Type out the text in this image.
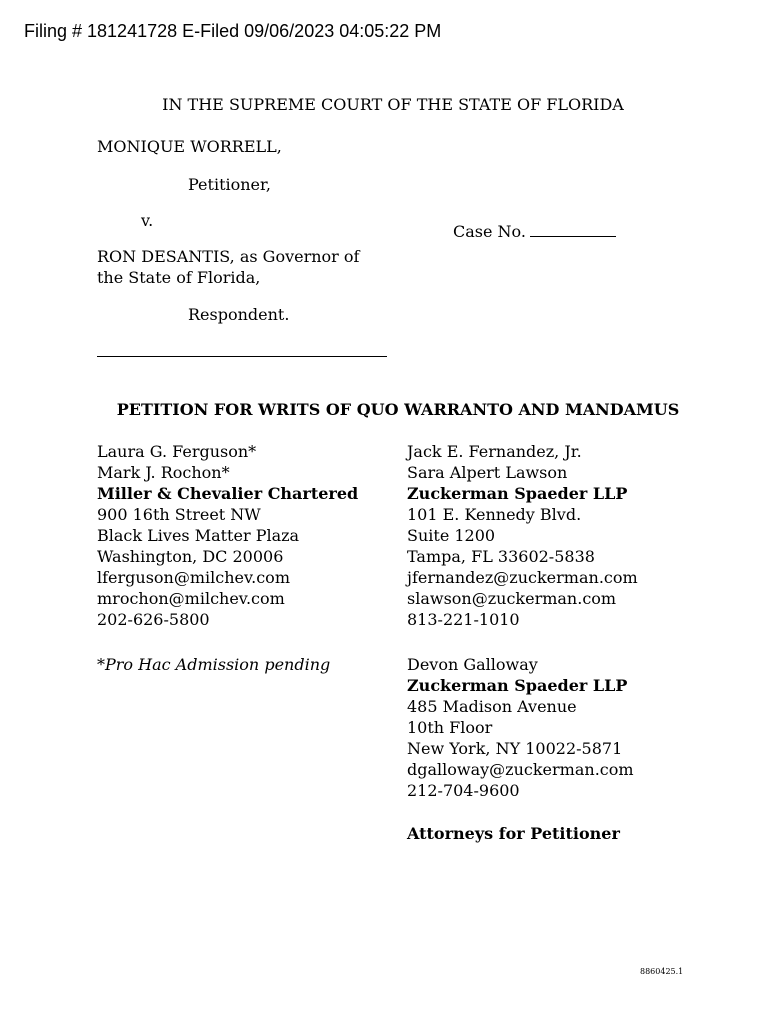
Filing # 181241728 E-Filed 09/06/2023 04:05:22 PM
IN THE SUPREME COURT OF THE STATE OF FLORIDA
MONIQUE WORRELL,
Petitioner,
v.
Case No.
RON DESANTIS, as Governor of
the State of Florida,
Respondent.
PETITION FOR WRITS OF QUO WARRANTO AND MANDAMUS
Laura G. Ferguson*
Mark J. Rochon*
Miller & Chevalier Chartered
900 16th Street NW
Black Lives Matter Plaza
Washington, DC 20006
lferguson@milchev.com
mrochon@milchev.com
202-626-5800
*Pro Hac Admission pending
Jack E. Fernandez, Jr.
Sara Alpert Lawson
Zuckerman Spaeder LLP
101 E. Kennedy Blvd.
Suite 1200
Tampa, FL 33602-5838
jfernandez@zuckerman.com
slawson@zuckerman.com
813-221-1010
Devon Galloway
Zuckerman Spaeder LLP
485 Madison Avenue
10th Floor
New York, NY 10022-5871
dgalloway@zuckerman.com
212-704-9600
Attorneys for Petitioner
8860425.1
